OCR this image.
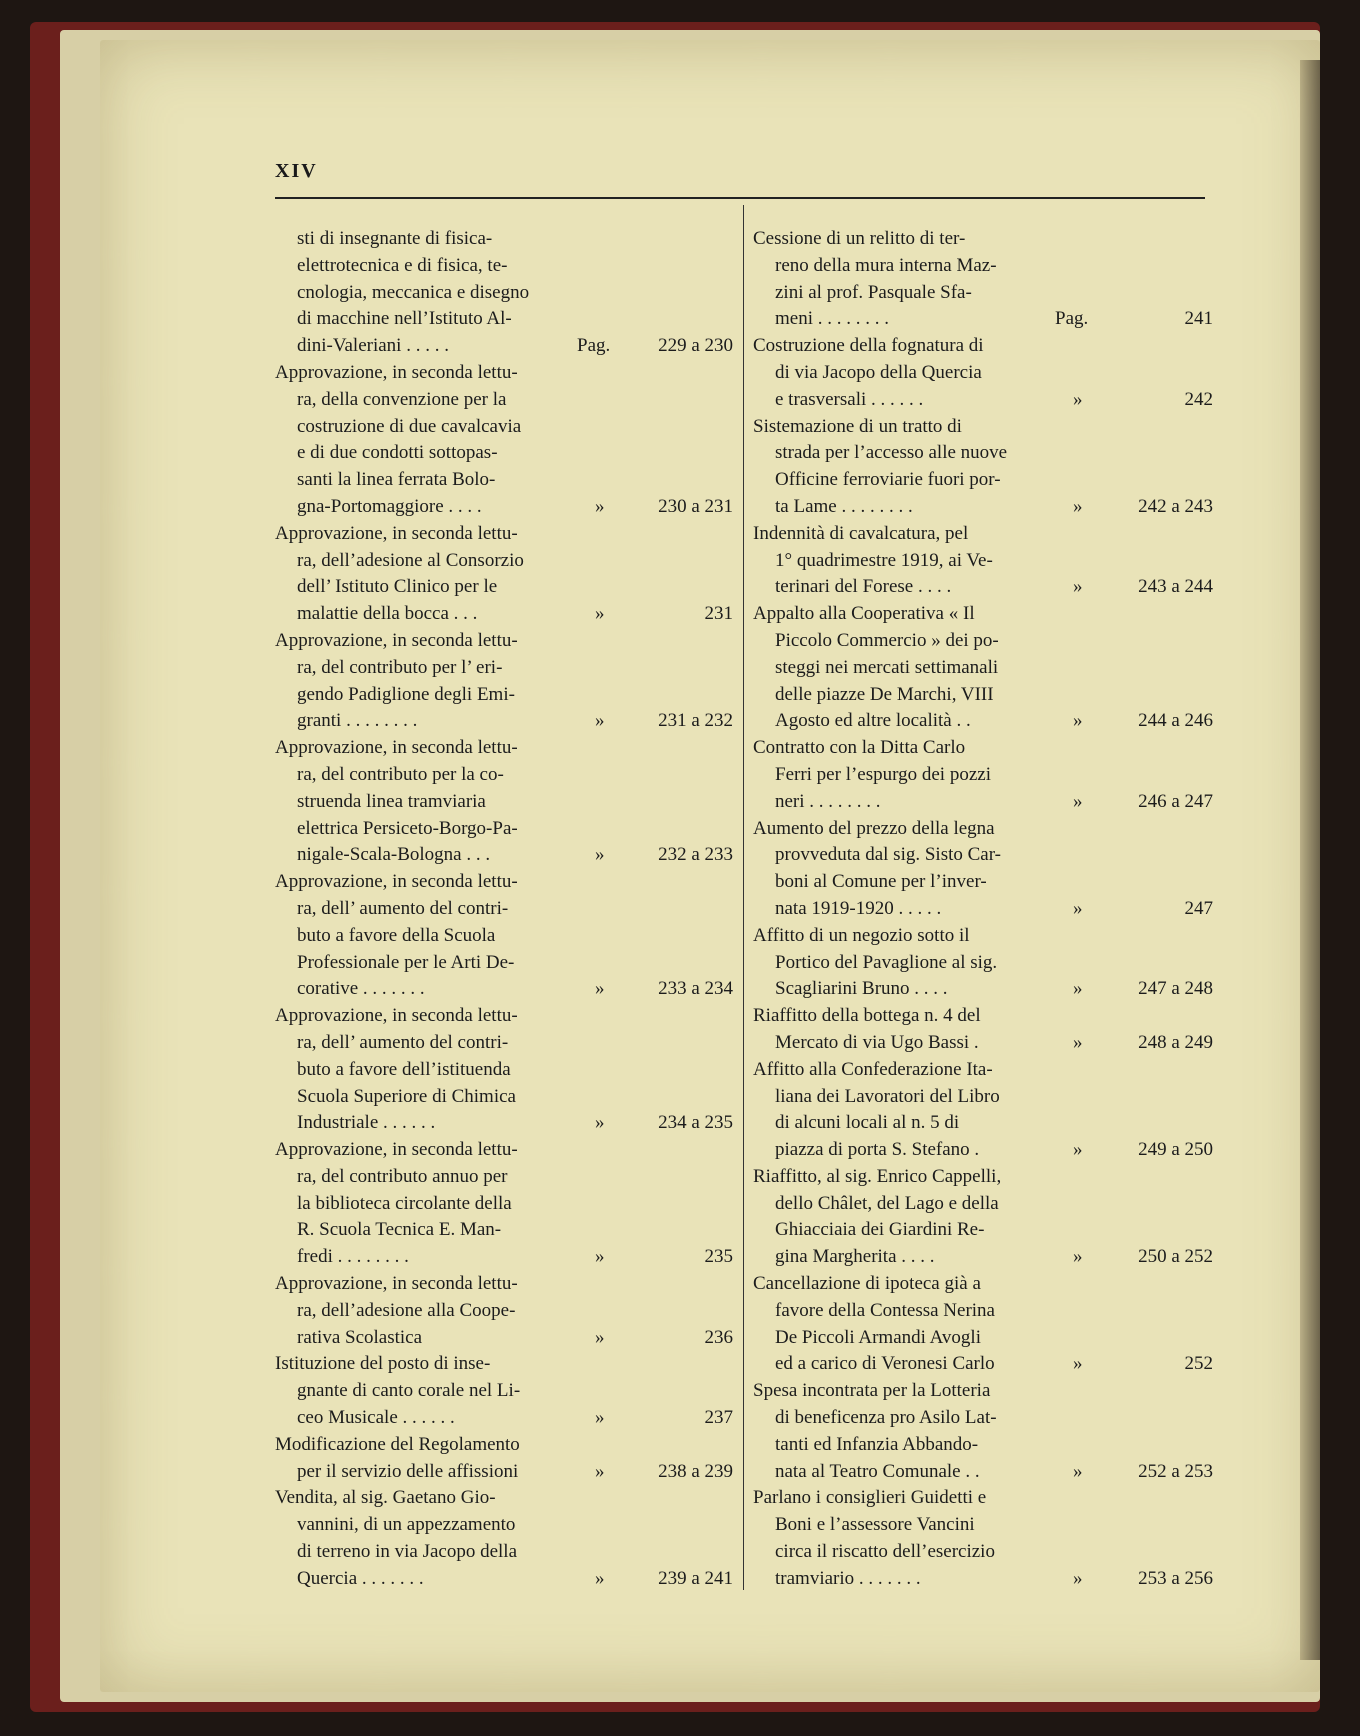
XIV
sti di insegnante di fisica-
elettrotecnica e di fisica, te-
cnologia, meccanica e disegno
di macchine nell’Istituto Al-
dini-Valeriani . . . . .	Pag.	229 a 230
Approvazione, in seconda lettu-
ra, della convenzione per la
costruzione di due cavalcavia
e di due condotti sottopas-
santi la linea ferrata Bolo-
gna-Portomaggiore . . . .	»	230 a 231
Approvazione, in seconda lettu-
ra, dell’adesione al Consorzio
dell’ Istituto Clinico per le
malattie della bocca . . .	»	231
Approvazione, in seconda lettu-
ra, del contributo per l’ eri-
gendo Padiglione degli Emi-
granti . . . . . . . .	»	231 a 232
Approvazione, in seconda lettu-
ra, del contributo per la co-
struenda linea tramviaria
elettrica Persiceto-Borgo-Pa-
nigale-Scala-Bologna . . .	»	232 a 233
Approvazione, in seconda lettu-
ra, dell’ aumento del contri-
buto a favore della Scuola
Professionale per le Arti De-
corative . . . . . . .	»	233 a 234
Approvazione, in seconda lettu-
ra, dell’ aumento del contri-
buto a favore dell’istituenda
Scuola Superiore di Chimica
Industriale . . . . . .	»	234 a 235
Approvazione, in seconda lettu-
ra, del contributo annuo per
la biblioteca circolante della
R. Scuola Tecnica E. Man-
fredi . . . . . . . .	»	235
Approvazione, in seconda lettu-
ra, dell’adesione alla Coope-
rativa Scolastica	»	236
Istituzione del posto di inse-
gnante di canto corale nel Li-
ceo Musicale . . . . . .	»	237
Modificazione del Regolamento
per il servizio delle affissioni	»	238 a 239
Vendita, al sig. Gaetano Gio-
vannini, di un appezzamento
di terreno in via Jacopo della
Quercia . . . . . . .	»	239 a 241
Cessione di un relitto di ter-
reno della mura interna Maz-
zini al prof. Pasquale Sfa-
meni . . . . . . . .	Pag.	241
Costruzione della fognatura di
di via Jacopo della Quercia
e trasversali . . . . . .	»	242
Sistemazione di un tratto di
strada per l’accesso alle nuove
Officine ferroviarie fuori por-
ta Lame . . . . . . . .	»	242 a 243
Indennità di cavalcatura, pel
1° quadrimestre 1919, ai Ve-
terinari del Forese . . . .	»	243 a 244
Appalto alla Cooperativa « Il
Piccolo Commercio » dei po-
steggi nei mercati settimanali
delle piazze De Marchi, VIII
Agosto ed altre località . .	»	244 a 246
Contratto con la Ditta Carlo
Ferri per l’espurgo dei pozzi
neri . . . . . . . .	»	246 a 247
Aumento del prezzo della legna
provveduta dal sig. Sisto Car-
boni al Comune per l’inver-
nata 1919-1920 . . . . .	»	247
Affitto di un negozio sotto il
Portico del Pavaglione al sig.
Scagliarini Bruno . . . .	»	247 a 248
Riaffitto della bottega n. 4 del
Mercato di via Ugo Bassi .	»	248 a 249
Affitto alla Confederazione Ita-
liana dei Lavoratori del Libro
di alcuni locali al n. 5 di
piazza di porta S. Stefano .	»	249 a 250
Riaffitto, al sig. Enrico Cappelli,
dello Châlet, del Lago e della
Ghiacciaia dei Giardini Re-
gina Margherita . . . .	»	250 a 252
Cancellazione di ipoteca già a
favore della Contessa Nerina
De Piccoli Armandi Avogli
ed a carico di Veronesi Carlo	»	252
Spesa incontrata per la Lotteria
di beneficenza pro Asilo Lat-
tanti ed Infanzia Abbando-
nata al Teatro Comunale . .	»	252 a 253
Parlano i consiglieri Guidetti e
Boni e l’assessore Vancini
circa il riscatto dell’esercizio
tramviario . . . . . . .	»	253 a 256
